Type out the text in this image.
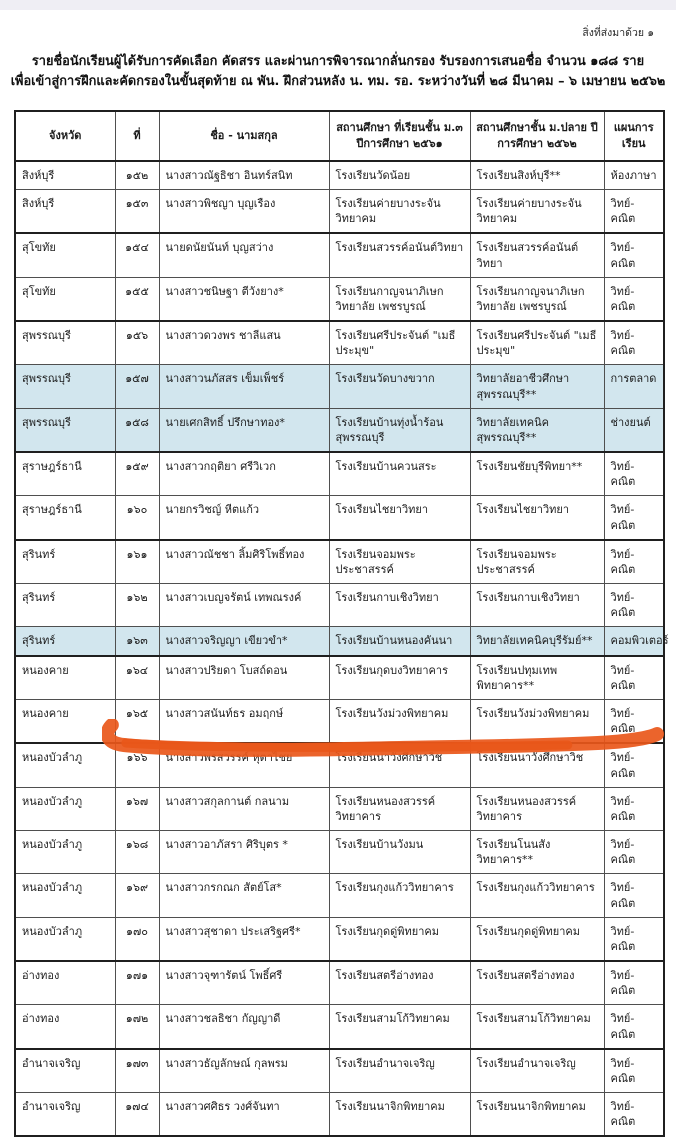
สิ่งที่ส่งมาด้วย ๑
รายชื่อนักเรียนผู้ได้รับการคัดเลือก คัดสรร และผ่านการพิจารณากลั่นกรอง รับรองการเสนอชื่อ จำนวน ๑๘๘ ราย
เพื่อเข้าสู่การฝึกและคัดกรองในขั้นสุดท้าย ณ พัน. ฝึกส่วนหลัง น. ทม. รอ. ระหว่างวันที่ ๒๘ มีนาคม – ๖ เมษายน ๒๕๖๒
จังหวัด	ที่	ชื่อ - นามสกุล	สถานศึกษา ที่เรียนชั้น ม.๓ ปีการศึกษา ๒๕๖๑	สถานศึกษาชั้น ม.ปลาย ปีการศึกษา ๒๕๖๒	แผนการเรียน
สิงห์บุรี	๑๕๒	นางสาวณัฐธิชา อินทร์สนิท	โรงเรียนวัดน้อย	โรงเรียนสิงห์บุรี**	ห้องภาษา
สิงห์บุรี	๑๕๓	นางสาวพิชญา บุญเรือง	โรงเรียนค่ายบางระจันวิทยาคม	โรงเรียนค่ายบางระจันวิทยาคม	วิทย์-คณิต
สุโขทัย	๑๕๔	นายดนัยนันท์ บุญสว่าง	โรงเรียนสวรรค์อนันต์วิทยา	โรงเรียนสวรรค์อนันต์วิทยา	วิทย์-คณิต
สุโขทัย	๑๕๕	นางสาวชนิษฐา ตีวังยาง*	โรงเรียนกาญจนาภิเษกวิทยาลัย เพชรบูรณ์	โรงเรียนกาญจนาภิเษกวิทยาลัย เพชรบูรณ์	วิทย์-คณิต
สุพรรณบุรี	๑๕๖	นางสาวดวงพร ชาลีแสน	โรงเรียนศรีประจันต์ "เมธีประมุข"	โรงเรียนศรีประจันต์ "เมธีประมุข"	วิทย์-คณิต
สุพรรณบุรี	๑๕๗	นางสาวนภัสสร เข็มเพ็ชร์	โรงเรียนวัดบางขวาก	วิทยาลัยอาชีวศึกษา สุพรรณบุรี**	การตลาด
สุพรรณบุรี	๑๕๘	นายเศกสิทธิ์ ปรึกษาทอง*	โรงเรียนบ้านทุ่งน้ำร้อน สุพรรณบุรี	วิทยาลัยเทคนิค สุพรรณบุรี**	ช่างยนต์
สุราษฎร์ธานี	๑๕๙	นางสาวกฤติยา ศรีวิเวก	โรงเรียนบ้านควนสระ	โรงเรียนชัยบุรีพิทยา**	วิทย์-คณิต
สุราษฎร์ธานี	๑๖๐	นายกรวิชญ์ หีตแก้ว	โรงเรียนไชยาวิทยา	โรงเรียนไชยาวิทยา	วิทย์-คณิต
สุรินทร์	๑๖๑	นางสาวณัชชา ลิ้มศิริโพธิ์ทอง	โรงเรียนจอมพระประชาสรรค์	โรงเรียนจอมพระประชาสรรค์	วิทย์-คณิต
สุรินทร์	๑๖๒	นางสาวเบญจรัตน์ เทพณรงค์	โรงเรียนกาบเชิงวิทยา	โรงเรียนกาบเชิงวิทยา	วิทย์-คณิต
สุรินทร์	๑๖๓	นางสาวจริญญา เขียวขำ*	โรงเรียนบ้านหนองคันนา	วิทยาลัยเทคนิคบุรีรัมย์**	คอมพิวเตอร์
หนองคาย	๑๖๔	นางสาวปริยดา โบสถ์ดอน	โรงเรียนกุดบงวิทยาคาร	โรงเรียนปทุมเทพ พิทยาคาร**	วิทย์-คณิต
หนองคาย	๑๖๕	นางสาวสนันท์ธร อมฤกษ์	โรงเรียนวังม่วงพิทยาคม	โรงเรียนวังม่วงพิทยาคม	วิทย์-คณิต
หนองบัวลำภู	๑๖๖	นางสาวพรสวรรค์ หุตาไชย	โรงเรียนนาวังศึกษาวิช	โรงเรียนนาวังศึกษาวิช	วิทย์-คณิต
หนองบัวลำภู	๑๖๗	นางสาวสกุลกานต์ กลนาม	โรงเรียนหนองสวรรค์วิทยาคาร	โรงเรียนหนองสวรรค์วิทยาคาร	วิทย์-คณิต
หนองบัวลำภู	๑๖๘	นางสาวอาภัสรา ศิริบุตร *	โรงเรียนบ้านวังมน	โรงเรียนโนนสังวิทยาคาร**	วิทย์-คณิต
หนองบัวลำภู	๑๖๙	นางสาวกรกณก สัตย์โส*	โรงเรียนกุงแก้ววิทยาคาร	โรงเรียนกุงแก้ววิทยาคาร	วิทย์-คณิต
หนองบัวลำภู	๑๗๐	นางสาวสุชาดา ประเสริฐศรี*	โรงเรียนกุดดู่พิทยาคม	โรงเรียนกุดดู่พิทยาคม	วิทย์-คณิต
อ่างทอง	๑๗๑	นางสาวจุฑารัตน์ โพธิ์ศรี	โรงเรียนสตรีอ่างทอง	โรงเรียนสตรีอ่างทอง	วิทย์-คณิต
อ่างทอง	๑๗๒	นางสาวชลธิชา กัญญาดี	โรงเรียนสามโก้วิทยาคม	โรงเรียนสามโก้วิทยาคม	วิทย์-คณิต
อำนาจเจริญ	๑๗๓	นางสาวธัญลักษณ์ กุลพรม	โรงเรียนอำนาจเจริญ	โรงเรียนอำนาจเจริญ	วิทย์-คณิต
อำนาจเจริญ	๑๗๔	นางสาวศศิธร วงศ์จันทา	โรงเรียนนาจิกพิทยาคม	โรงเรียนนาจิกพิทยาคม	วิทย์-คณิต
